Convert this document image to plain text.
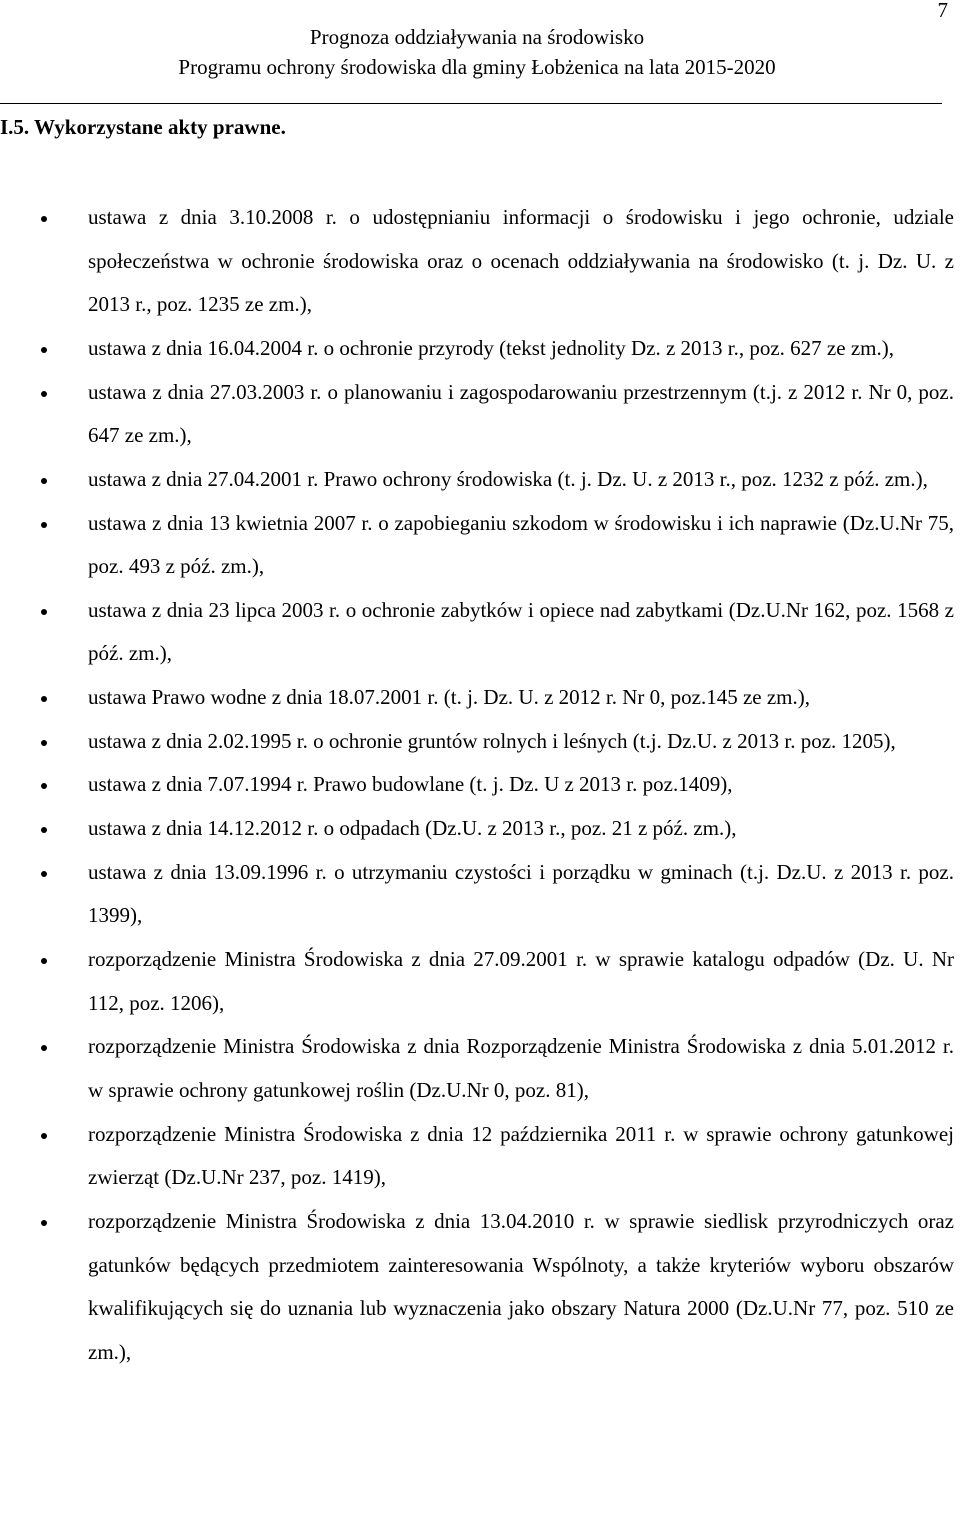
7
Prognoza oddziaływania na środowisko
Programu ochrony środowiska dla gminy Łobżenica na lata 2015-2020
I.5. Wykorzystane akty prawne.
ustawa z dnia 3.10.2008 r. o udostępnianiu informacji o środowisku i jego ochronie, udziale społeczeństwa w ochronie środowiska oraz o ocenach oddziaływania na środowisko (t. j. Dz. U. z 2013 r., poz. 1235 ze zm.),
ustawa z dnia 16.04.2004 r. o ochronie przyrody (tekst jednolity Dz. z 2013 r., poz. 627 ze zm.),
ustawa z dnia 27.03.2003 r. o planowaniu i zagospodarowaniu przestrzennym (t.j. z 2012 r. Nr 0, poz. 647 ze zm.),
ustawa z dnia 27.04.2001 r. Prawo ochrony środowiska (t. j. Dz. U. z 2013 r., poz. 1232 z póź. zm.),
ustawa z dnia 13 kwietnia 2007 r. o zapobieganiu szkodom w środowisku i ich naprawie (Dz.U.Nr 75, poz. 493 z póź. zm.),
ustawa z dnia 23 lipca 2003 r. o ochronie zabytków i opiece nad zabytkami (Dz.U.Nr 162, poz. 1568 z póź. zm.),
ustawa Prawo wodne z dnia 18.07.2001 r. (t. j. Dz. U. z 2012 r. Nr 0, poz.145 ze zm.),
ustawa z dnia 2.02.1995 r. o ochronie gruntów rolnych i leśnych (t.j. Dz.U. z 2013 r. poz. 1205),
ustawa z dnia 7.07.1994 r. Prawo budowlane (t. j. Dz. U z 2013 r. poz.1409),
ustawa z dnia 14.12.2012 r. o odpadach (Dz.U. z 2013 r., poz. 21 z póź. zm.),
ustawa z dnia 13.09.1996 r. o utrzymaniu czystości i porządku w gminach (t.j. Dz.U. z 2013 r. poz. 1399),
rozporządzenie Ministra Środowiska z dnia 27.09.2001 r. w sprawie katalogu odpadów (Dz. U. Nr 112, poz. 1206),
rozporządzenie Ministra Środowiska z dnia Rozporządzenie Ministra Środowiska z dnia 5.01.2012 r. w sprawie ochrony gatunkowej roślin (Dz.U.Nr 0, poz. 81),
rozporządzenie Ministra Środowiska z dnia 12 października 2011 r. w sprawie ochrony gatunkowej zwierząt (Dz.U.Nr 237, poz. 1419),
rozporządzenie Ministra Środowiska z dnia 13.04.2010 r. w sprawie siedlisk przyrodniczych oraz gatunków będących przedmiotem zainteresowania Wspólnoty, a także kryteriów wyboru obszarów kwalifikujących się do uznania lub wyznaczenia jako obszary Natura 2000 (Dz.U.Nr 77, poz. 510 ze zm.),
